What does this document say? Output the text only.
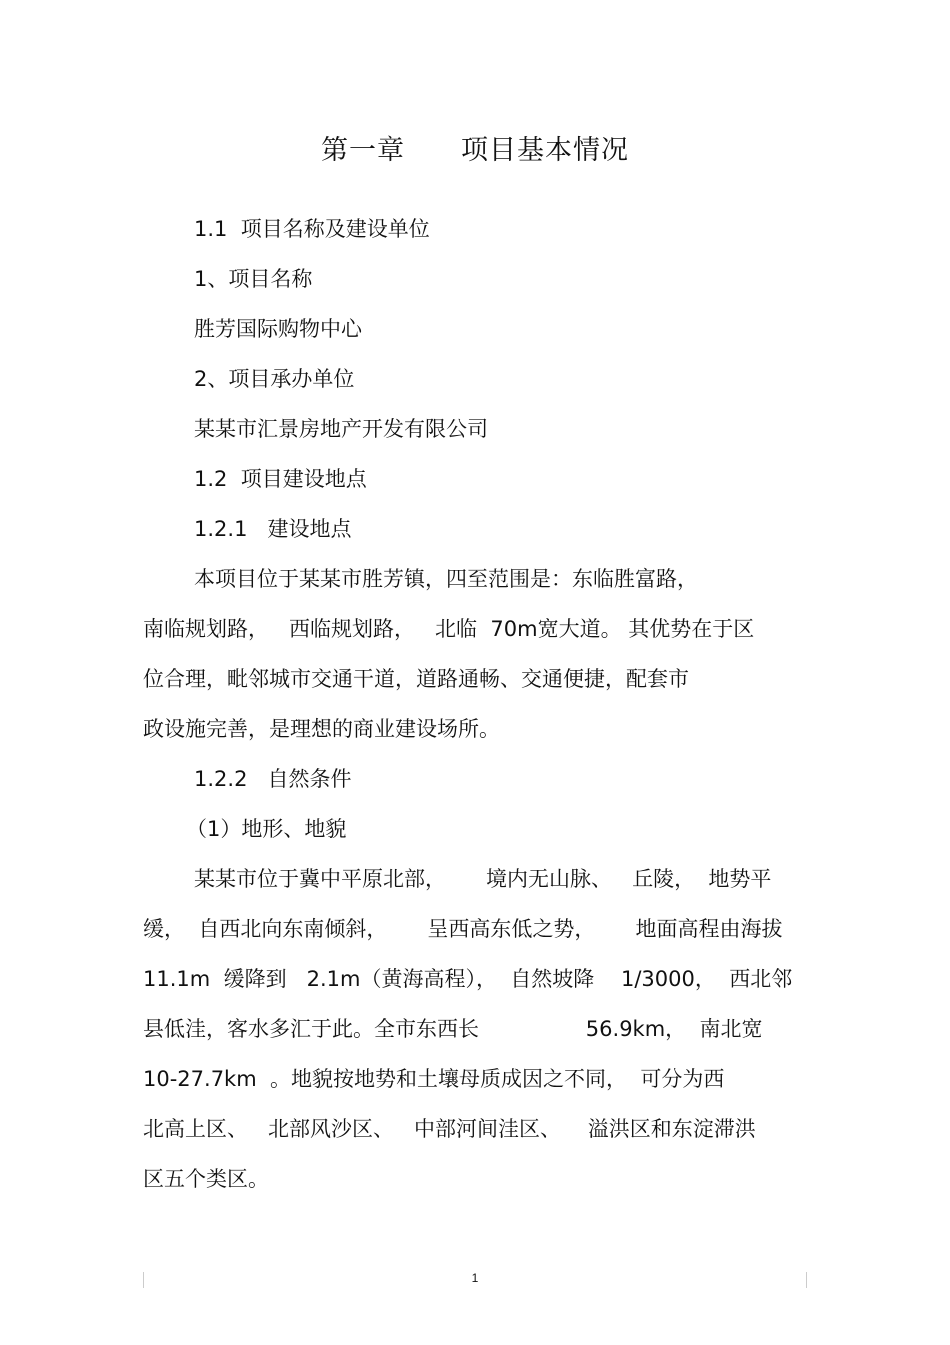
第一章　　项目基本情况
1.1  项目名称及建设单位
1、项目名称
胜芳国际购物中心
2、项目承办单位
某某市汇景房地产开发有限公司
1.2  项目建设地点
1.2.1   建设地点
本项目位于某某市胜芳镇，四至范围是：东临胜富路，
南临规划路，   西临规划路，   北临  70m宽大道。 其优势在于区
位合理，毗邻城市交通干道，道路通畅、交通便捷，配套市
政设施完善，是理想的商业建设场所。
1.2.2   自然条件
（1）地形、地貌
某某市位于冀中平原北部，      境内无山脉、   丘陵，  地势平
缓，  自西北向东南倾斜，      呈西高东低之势，      地面高程由海拔
11.1m  缓降到   2.1m（黄海高程），  自然坡降    1/3000，  西北邻
县低洼，客水多汇于此。全市东西长                56.9km，  南北宽
10-27.7km  。地貌按地势和土壤母质成因之不同，  可分为西
北高上区、   北部风沙区、   中部河间洼区、    溢洪区和东淀滞洪
区五个类区。
1
